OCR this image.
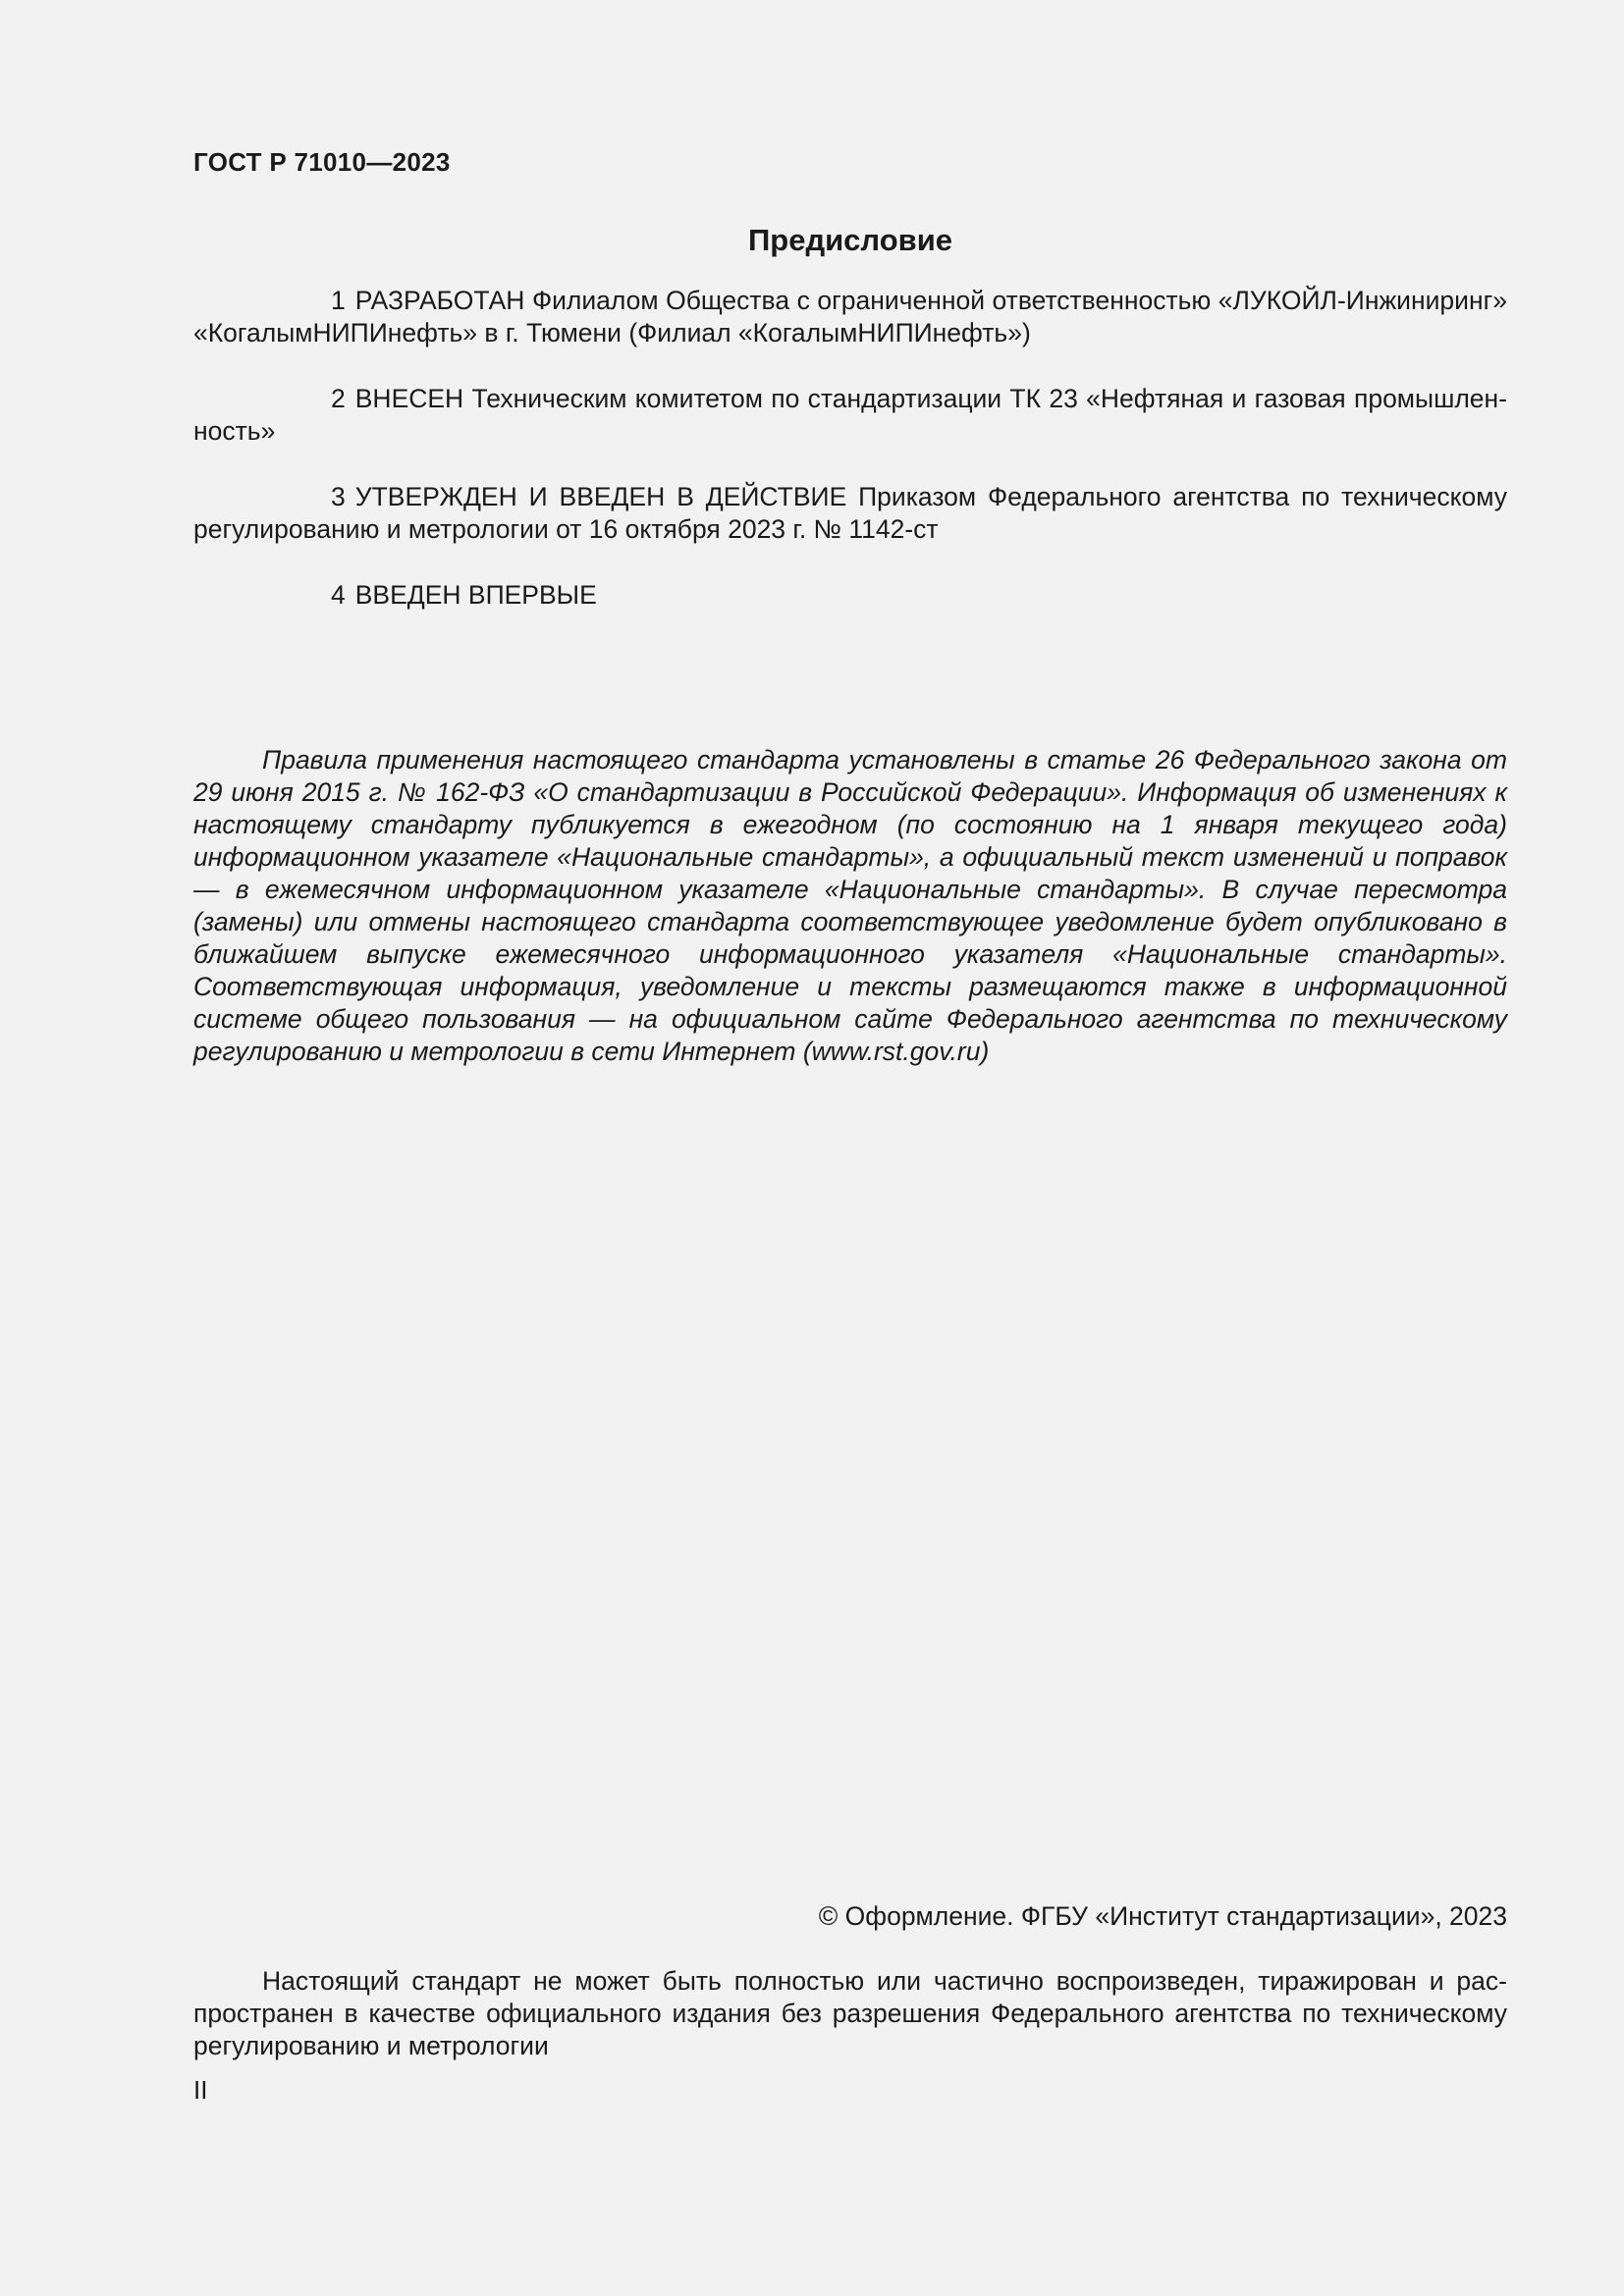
ГОСТ Р 71010—2023
Предисловие

1 РАЗРАБОТАН Филиалом Общества с ограниченной ответственностью «ЛУКОЙЛ-Инжиниринг» «КогалымНИПИнефть» в г. Тюмени (Филиал «КогалымНИПИнефть»)

2 ВНЕСЕН Техническим комитетом по стандартизации ТК 23 «Нефтяная и газовая промышленность»

3 УТВЕРЖДЕН И ВВЕДЕН В ДЕЙСТВИЕ Приказом Федерального агентства по техническому регулированию и метрологии от 16 октября 2023 г. № 1142-ст

4 ВВЕДЕН ВПЕРВЫЕ

Правила применения настоящего стандарта установлены в статье 26 Федерального закона от 29 июня 2015 г. № 162-ФЗ «О стандартизации в Российской Федерации». Информация об изменениях к настоящему стандарту публикуется в ежегодном (по состоянию на 1 января текущего года) информационном указателе «Национальные стандарты», а официальный текст изменений и поправок — в ежемесячном информационном указателе «Национальные стандарты». В случае пересмотра (замены) или отмены настоящего стандарта соответствующее уведомление будет опубликовано в ближайшем выпуске ежемесячного информационного указателя «Национальные стандарты». Соответствующая информация, уведомление и тексты размещаются также в информационной системе общего пользования — на официальном сайте Федерального агентства по техническому регулированию и метрологии в сети Интернет (www.rst.gov.ru)

© Оформление. ФГБУ «Институт стандартизации», 2023

Настоящий стандарт не может быть полностью или частично воспроизведен, тиражирован и распространен в качестве официального издания без разрешения Федерального агентства по техническому регулированию и метрологии

II
